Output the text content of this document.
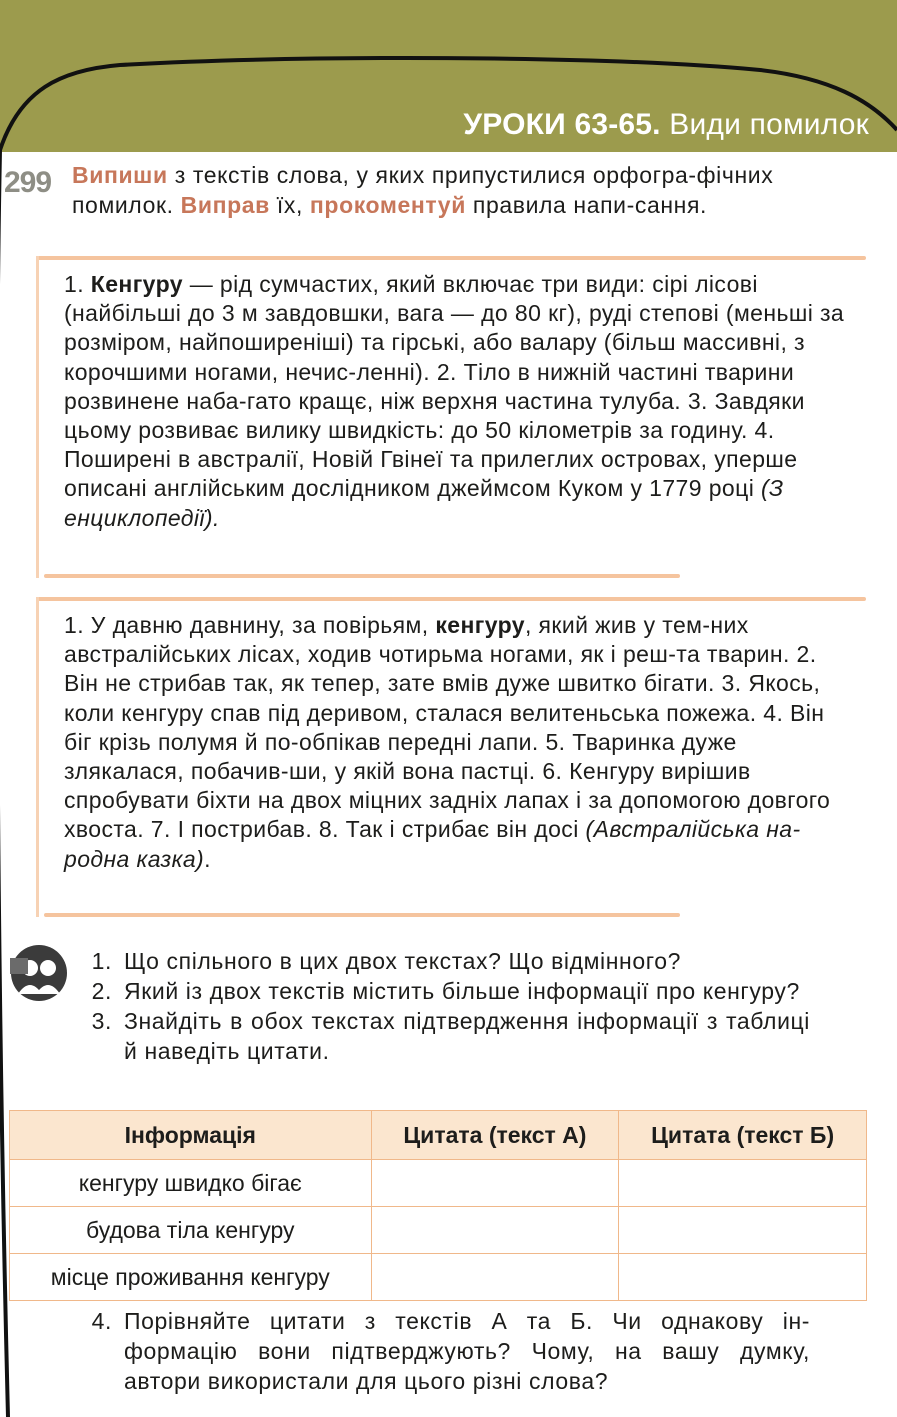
УРОКИ 63-65. Види помилок
299 Випиши з текстів слова, у яких припустилися орфогра-фічних помилок. Виправ їх, прокоментуй правила напи-сання.
1. Кенгуру — рід сумчастих, який включає три види: сірі лісові (найбільші до 3 м завдовшки, вага — до 80 кг), руді степові (меньші за розміром, найпоширеніші) та гірські, або валару (більш массивні, з корочшими ногами, нечис-ленні). 2. Тіло в нижній частині тварини розвинене наба-гато кращє, ніж верхня частина тулуба. 3. Завдяки цьому розвиває вилику швидкість: до 50 кілометрів за годину. 4. Поширені в австралії, Новій Гвінеї та прилеглих островах, уперше описані англійським дослідником джеймсом Куком у 1779 році (З енциклопедії).
1. У давню давнину, за повірьям, кенгуру, який жив у тем-них австралійських лісах, ходив чотирьма ногами, як і реш-та тварин. 2. Він не стрибав так, як тепер, зате вмів дуже швитко бігати. 3. Якось, коли кенгуру спав під деривом, сталася велитеньська пожежа. 4. Він біг крізь полумя й по-обпікав передні лапи. 5. Тваринка дуже злякалася, побачив-ши, у якій вона пастці. 6. Кенгуру вирішив спробувати біхти на двох міцних задніх лапах і за допомогою довгого хвоста. 7. І пострибав. 8. Так і стрибає він досі (Австралійська на-родна казка).
1. Що спільного в цих двох текстах? Що відмінного?
2. Який із двох текстів містить більше інформації про кенгуру?
3. Знайдіть в обох текстах підтвердження інформації з таблиці й наведіть цитати.
Інформація	Цитата (текст А)	Цитата (текст Б)
кенгуру швидко бігає		
будова тіла кенгуру		
місце проживання кенгуру		
4. Порівняйте цитати з текстів А та Б. Чи однакову ін-формацію вони підтверджують? Чому, на вашу думку, автори використали для цього різні слова?
